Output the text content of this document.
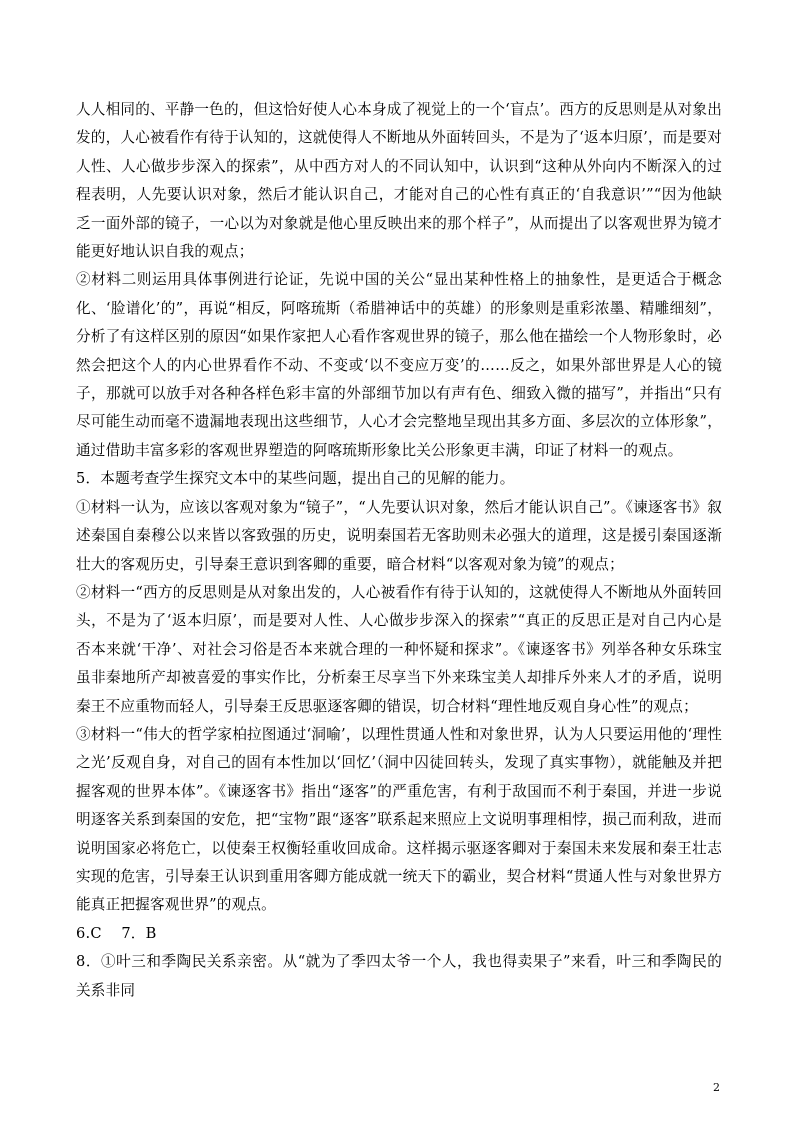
人人相同的、平静一色的，但这恰好使人心本身成了视觉上的一个‘盲点’。西方的反思则是从对象出发的，人心被看作有待于认知的，这就使得人不断地从外面转回头，不是为了‘返本归原’，而是要对人性、人心做步步深入的探索”，从中西方对人的不同认知中，认识到“这种从外向内不断深入的过程表明，人先要认识对象，然后才能认识自己，才能对自己的心性有真正的‘自我意识’”“因为他缺乏一面外部的镜子，一心以为对象就是他心里反映出来的那个样子”，从而提出了以客观世界为镜才能更好地认识自我的观点；

②材料二则运用具体事例进行论证，先说中国的关公“显出某种性格上的抽象性，是更适合于概念化、‘脸谱化’的”，再说“相反，阿喀琉斯（希腊神话中的英雄）的形象则是重彩浓墨、精雕细刻”，分析了有这样区别的原因“如果作家把人心看作客观世界的镜子，那么他在描绘一个人物形象时，必然会把这个人的内心世界看作不动、不变或‘以不变应万变’的……反之，如果外部世界是人心的镜子，那就可以放手对各种各样色彩丰富的外部细节加以有声有色、细致入微的描写”，并指出“只有尽可能生动而毫不遗漏地表现出这些细节，人心才会完整地呈现出其多方面、多层次的立体形象”，通过借助丰富多彩的客观世界塑造的阿喀琉斯形象比关公形象更丰满，印证了材料一的观点。

5．本题考查学生探究文本中的某些问题，提出自己的见解的能力。

①材料一认为，应该以客观对象为“镜子”，“人先要认识对象，然后才能认识自己”。《谏逐客书》叙述秦国自秦穆公以来皆以客致强的历史，说明秦国若无客助则未必强大的道理，这是援引秦国逐渐壮大的客观历史，引导秦王意识到客卿的重要，暗合材料“以客观对象为镜”的观点；

②材料一“西方的反思则是从对象出发的，人心被看作有待于认知的，这就使得人不断地从外面转回头，不是为了‘返本归原’，而是要对人性、人心做步步深入的探索”“真正的反思正是对自己内心是否本来就‘干净’、对社会习俗是否本来就合理的一种怀疑和探求”。《谏逐客书》列举各种女乐珠宝虽非秦地所产却被喜爱的事实作比，分析秦王尽享当下外来珠宝美人却排斥外来人才的矛盾，说明秦王不应重物而轻人，引导秦王反思驱逐客卿的错误，切合材料“理性地反观自身心性”的观点；

③材料一“伟大的哲学家柏拉图通过‘洞喻’，以理性贯通人性和对象世界，认为人只要运用他的‘理性之光’反观自身，对自己的固有本性加以‘回忆’（洞中囚徒回转头，发现了真实事物），就能触及并把握客观的世界本体”。《谏逐客书》指出“逐客”的严重危害，有利于敌国而不利于秦国，并进一步说明逐客关系到秦国的安危，把“宝物”跟“逐客”联系起来照应上文说明事理相悖，损己而利敌，进而说明国家必将危亡，以使秦王权衡轻重收回成命。这样揭示驱逐客卿对于秦国未来发展和秦王壮志实现的危害，引导秦王认识到重用客卿方能成就一统天下的霸业，契合材料“贯通人性与对象世界方能真正把握客观世界”的观点。

6.C　 7．B

8．①叶三和季陶民关系亲密。从“就为了季四太爷一个人，我也得卖果子”来看，叶三和季陶民的关系非同

2
